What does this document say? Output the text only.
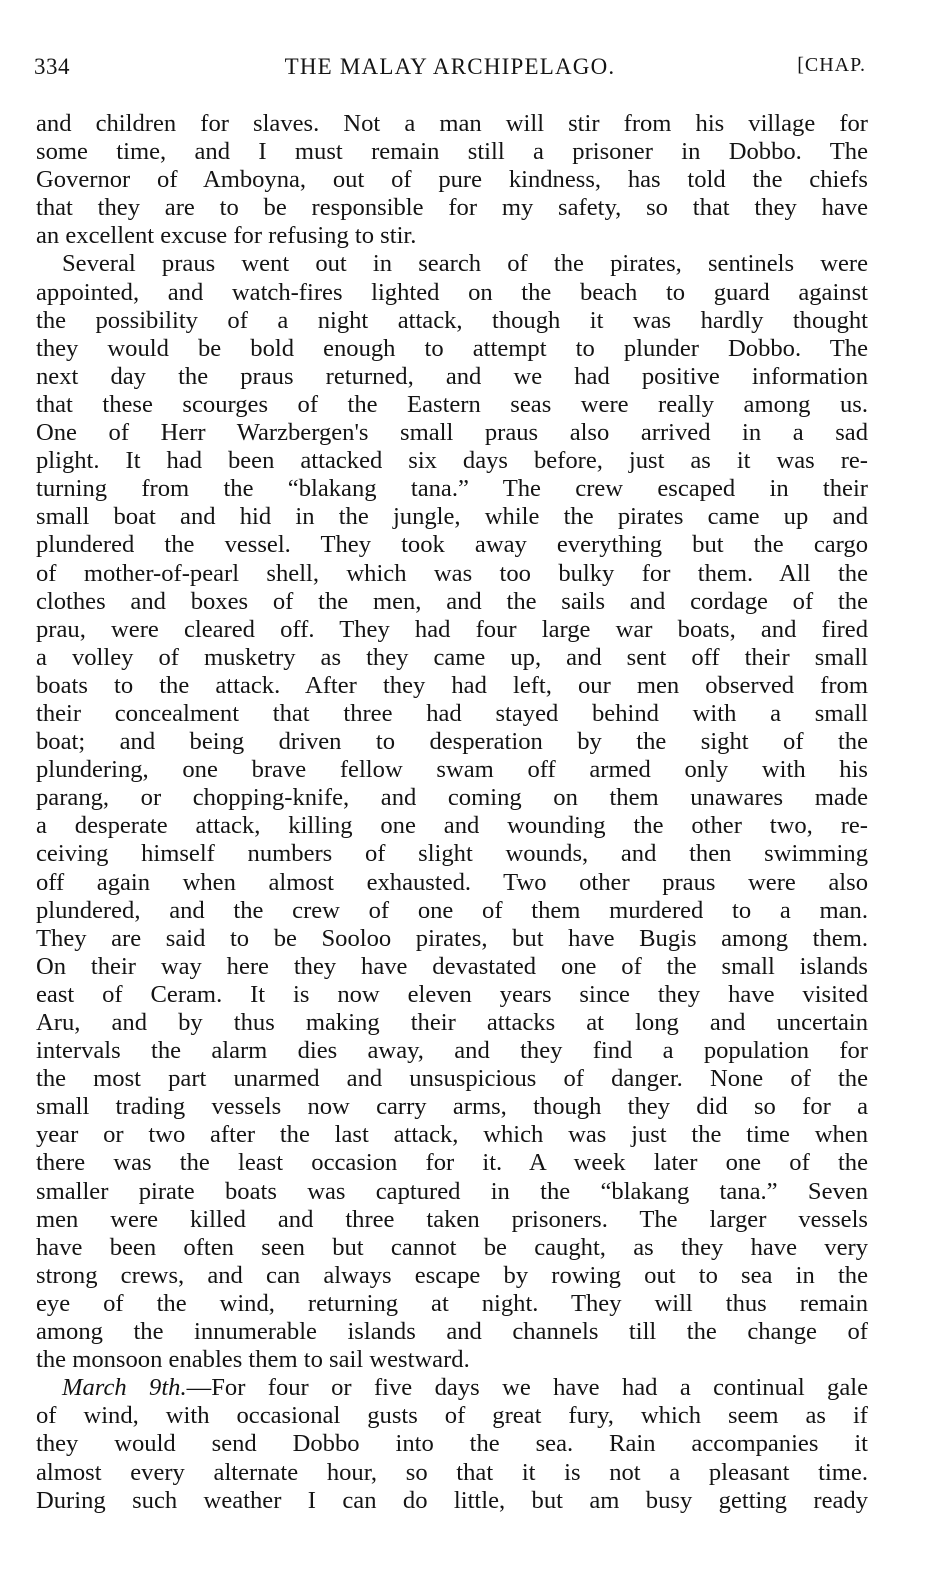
334	THE MALAY ARCHIPELAGO.	[CHAP.
and children for slaves. Not a man will stir from his village for
some time, and I must remain still a prisoner in Dobbo. The
Governor of Amboyna, out of pure kindness, has told the chiefs
that they are to be responsible for my safety, so that they have
an excellent excuse for refusing to stir.
Several praus went out in search of the pirates, sentinels were
appointed, and watch-fires lighted on the beach to guard against
the possibility of a night attack, though it was hardly thought
they would be bold enough to attempt to plunder Dobbo. The
next day the praus returned, and we had positive information
that these scourges of the Eastern seas were really among us.
One of Herr Warzbergen's small praus also arrived in a sad
plight. It had been attacked six days before, just as it was re-
turning from the “blakang tana.” The crew escaped in their
small boat and hid in the jungle, while the pirates came up and
plundered the vessel. They took away everything but the cargo
of mother-of-pearl shell, which was too bulky for them. All the
clothes and boxes of the men, and the sails and cordage of the
prau, were cleared off. They had four large war boats, and fired
a volley of musketry as they came up, and sent off their small
boats to the attack. After they had left, our men observed from
their concealment that three had stayed behind with a small
boat; and being driven to desperation by the sight of the
plundering, one brave fellow swam off armed only with his
parang, or chopping-knife, and coming on them unawares made
a desperate attack, killing one and wounding the other two, re-
ceiving himself numbers of slight wounds, and then swimming
off again when almost exhausted. Two other praus were also
plundered, and the crew of one of them murdered to a man.
They are said to be Sooloo pirates, but have Bugis among them.
On their way here they have devastated one of the small islands
east of Ceram. It is now eleven years since they have visited
Aru, and by thus making their attacks at long and uncertain
intervals the alarm dies away, and they find a population for
the most part unarmed and unsuspicious of danger. None of the
small trading vessels now carry arms, though they did so for a
year or two after the last attack, which was just the time when
there was the least occasion for it. A week later one of the
smaller pirate boats was captured in the “blakang tana.” Seven
men were killed and three taken prisoners. The larger vessels
have been often seen but cannot be caught, as they have very
strong crews, and can always escape by rowing out to sea in the
eye of the wind, returning at night. They will thus remain
among the innumerable islands and channels till the change of
the monsoon enables them to sail westward.
March 9th.—For four or five days we have had a continual gale
of wind, with occasional gusts of great fury, which seem as if
they would send Dobbo into the sea. Rain accompanies it
almost every alternate hour, so that it is not a pleasant time.
During such weather I can do little, but am busy getting ready
